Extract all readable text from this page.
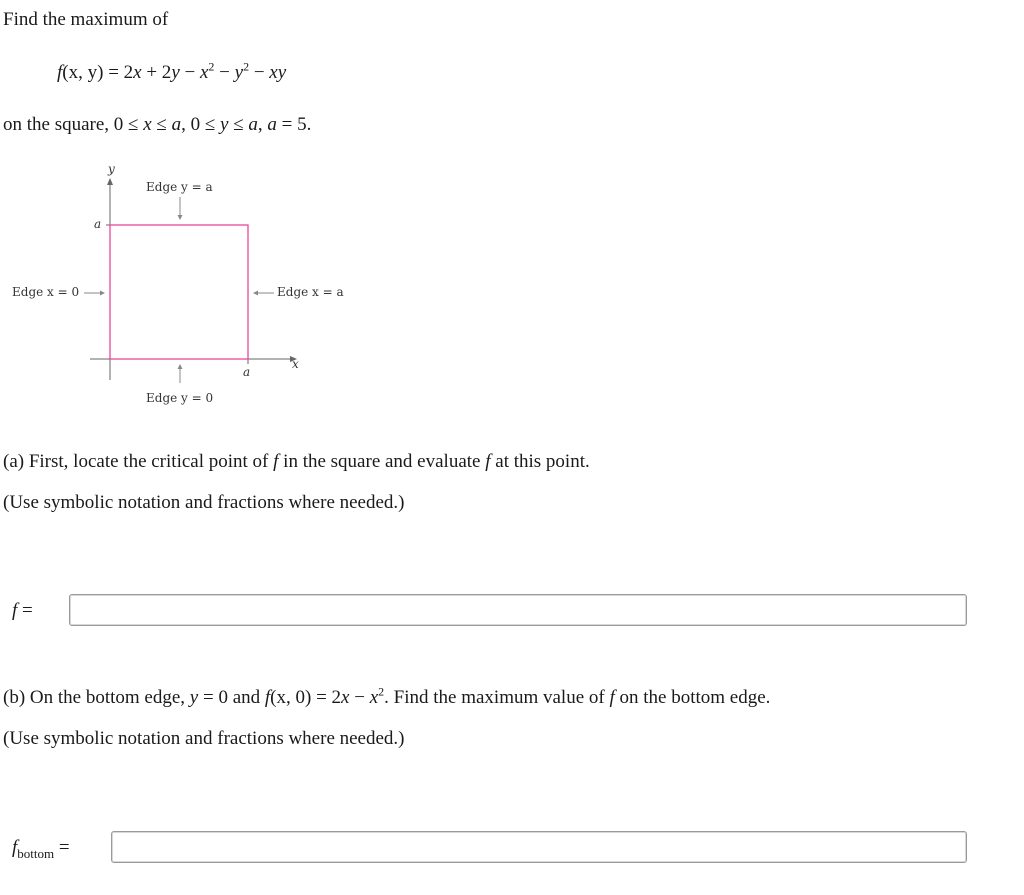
Find the maximum of
f(x, $y) = 2x + 2y - x^2 - y^2$ − xy
on the square, 0 ≤ x ≤ a, 0 ≤ y ≤ a, a = 5.
y
x
a
a
Edge y = a
Edge x = 0	Edge x = a
Edge y = 0
(a) First, locate the critical point of f in the square and evaluate f at this point.
(Use symbolic notation and fractions where needed.)
f =
(b) On the bottom edge, y = 0 and f(x, $0) = 2x - x^2$. Find the maximum value of f on the bottom edge.
(Use symbolic notation and fractions where needed.)
$f_{bottom}$ =
